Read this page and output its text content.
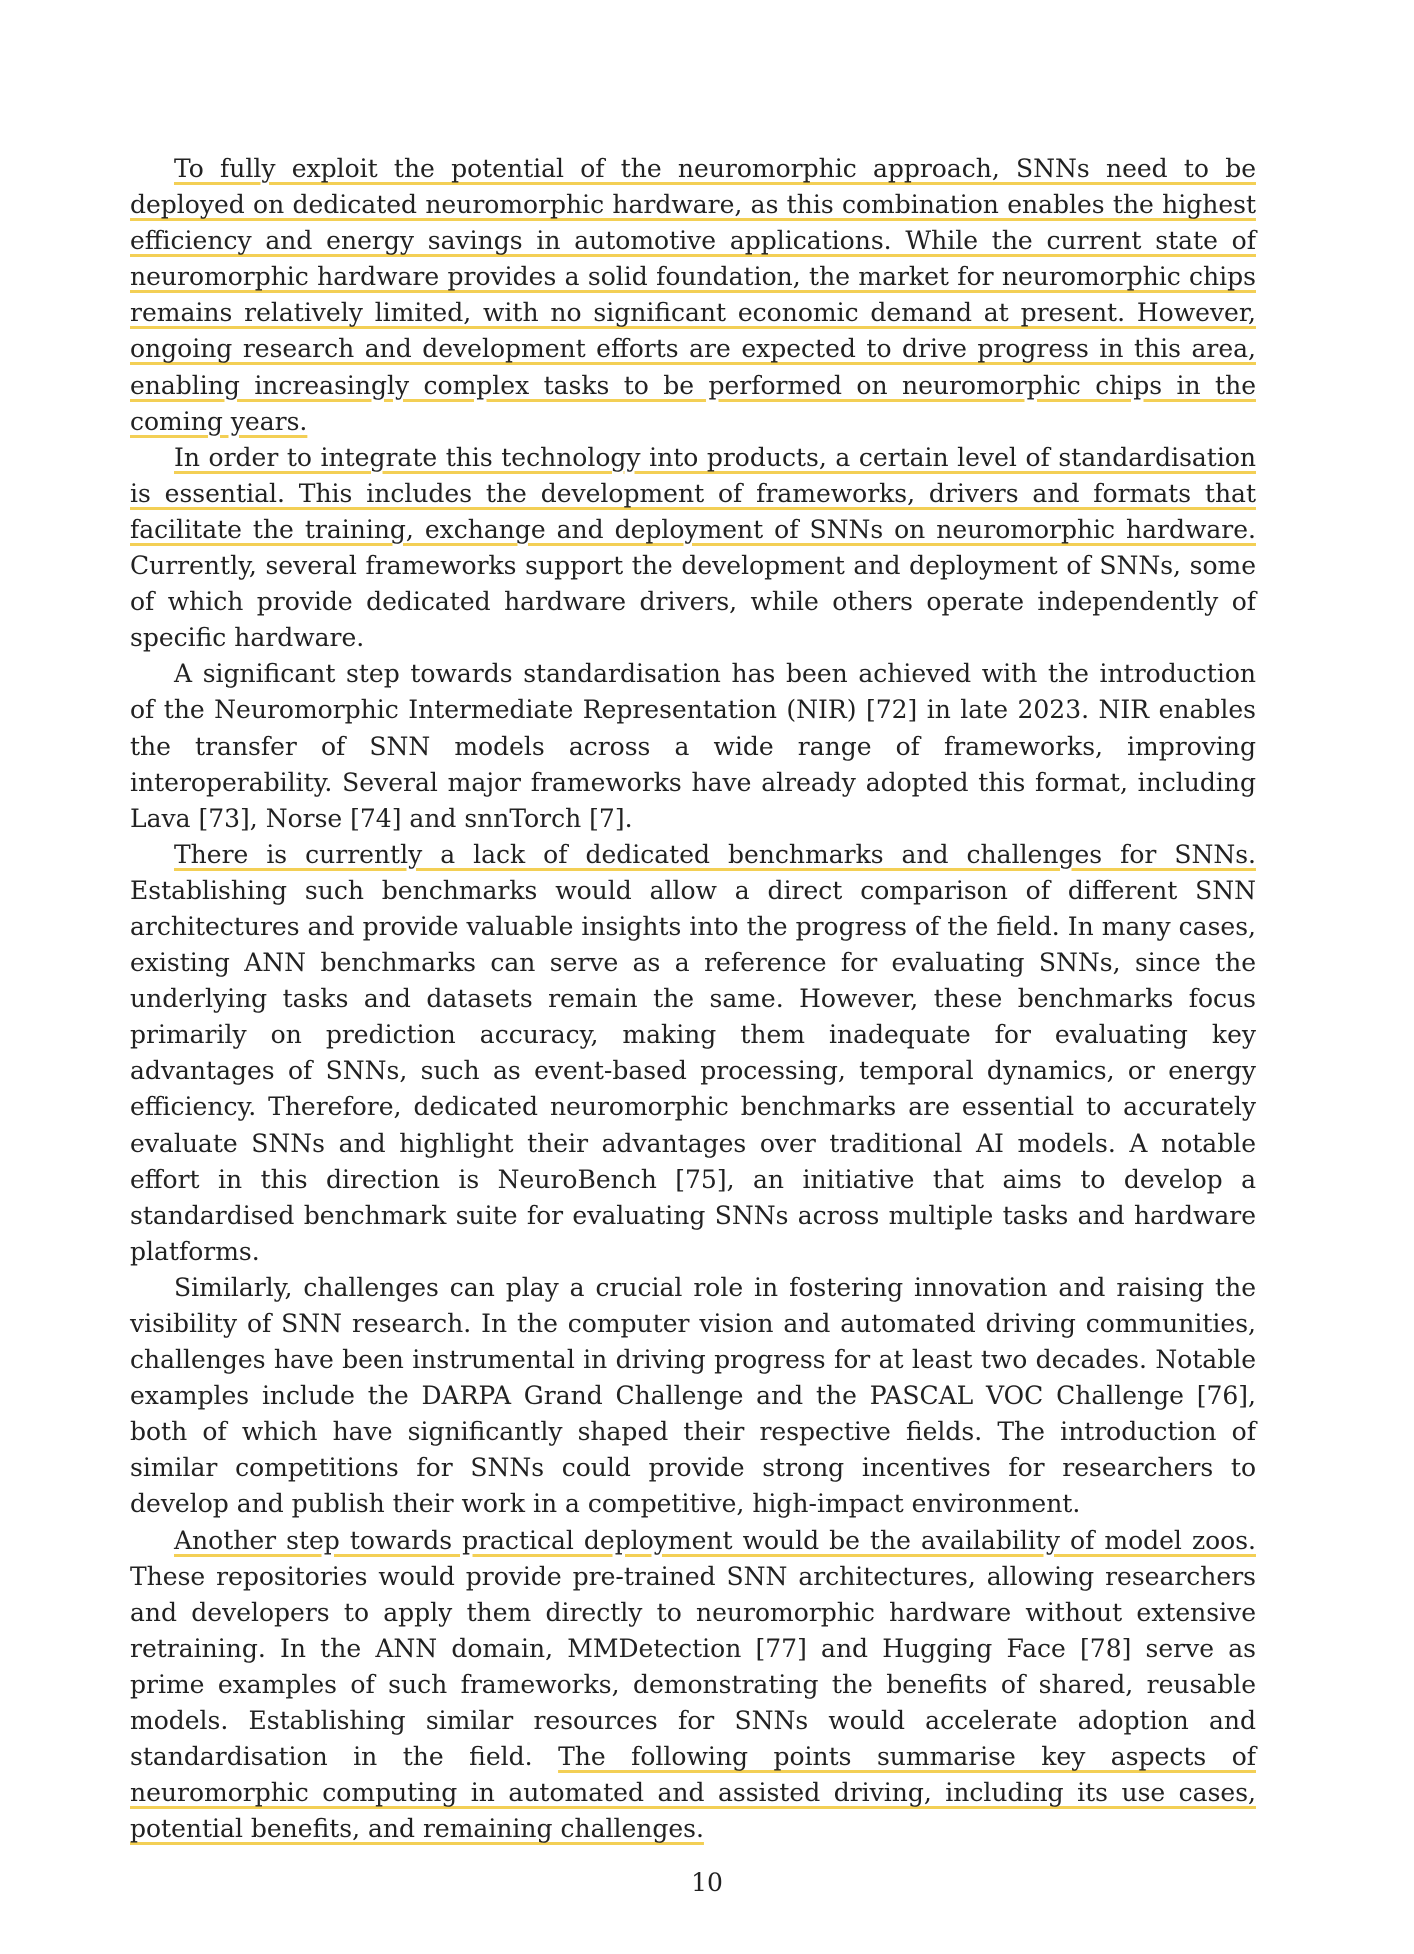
To fully exploit the potential of the neuromorphic approach, SNNs need to be deployed on dedicated neuromorphic hardware, as this combination enables the highest efficiency and energy savings in automotive applications. While the current state of neuromorphic hardware provides a solid foundation, the market for neuromorphic chips remains relatively limited, with no significant economic demand at present. However, ongoing research and development efforts are expected to drive progress in this area, enabling increasingly complex tasks to be performed on neuromorphic chips in the coming years.

In order to integrate this technology into products, a certain level of standardisation is essential. This includes the development of frameworks, drivers and formats that facilitate the training, exchange and deployment of SNNs on neuromorphic hardware. Currently, several frameworks support the development and deployment of SNNs, some of which provide dedicated hardware drivers, while others operate independently of specific hardware.

A significant step towards standardisation has been achieved with the introduction of the Neuromorphic Intermediate Representation (NIR) [72] in late 2023. NIR enables the transfer of SNN models across a wide range of frameworks, improving interoperability. Several major frameworks have already adopted this format, including Lava [73], Norse [74] and snnTorch [7].

There is currently a lack of dedicated benchmarks and challenges for SNNs. Establishing such benchmarks would allow a direct comparison of different SNN architectures and provide valuable insights into the progress of the field. In many cases, existing ANN benchmarks can serve as a reference for evaluating SNNs, since the underlying tasks and datasets remain the same. However, these benchmarks focus primarily on prediction accuracy, making them inadequate for evaluating key advantages of SNNs, such as event-based processing, temporal dynamics, or energy efficiency. Therefore, dedicated neuromorphic benchmarks are essential to accurately evaluate SNNs and highlight their advantages over traditional AI models. A notable effort in this direction is NeuroBench [75], an initiative that aims to develop a standardised benchmark suite for evaluating SNNs across multiple tasks and hardware platforms.

Similarly, challenges can play a crucial role in fostering innovation and raising the visibility of SNN research. In the computer vision and automated driving communities, challenges have been instrumental in driving progress for at least two decades. Notable examples include the DARPA Grand Challenge and the PASCAL VOC Challenge [76], both of which have significantly shaped their respective fields. The introduction of similar competitions for SNNs could provide strong incentives for researchers to develop and publish their work in a competitive, high-impact environment.

Another step towards practical deployment would be the availability of model zoos. These repositories would provide pre-trained SNN architectures, allowing researchers and developers to apply them directly to neuromorphic hardware without extensive retraining. In the ANN domain, MMDetection [77] and Hugging Face [78] serve as prime examples of such frameworks, demonstrating the benefits of shared, reusable models. Establishing similar resources for SNNs would accelerate adoption and standardisation in the field. The following points summarise key aspects of neuromorphic computing in automated and assisted driving, including its use cases, potential benefits, and remaining challenges.

10
